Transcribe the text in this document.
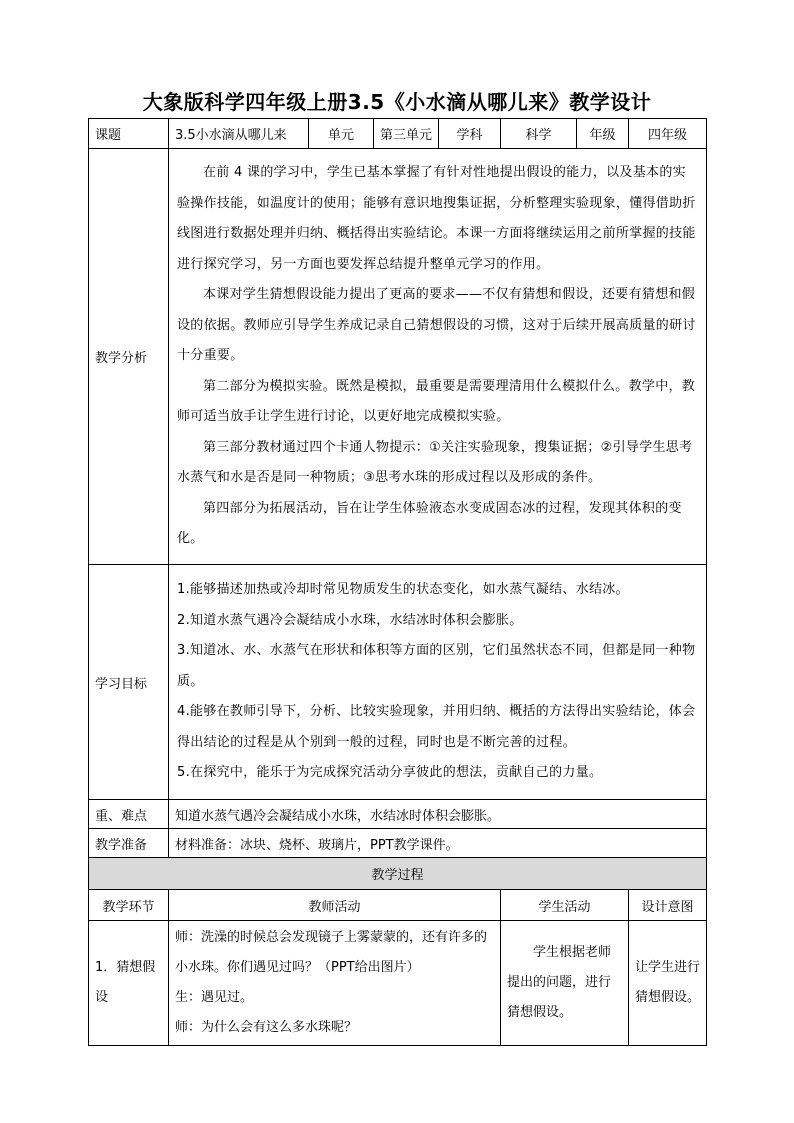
大象版科学四年级上册3.5《小水滴从哪儿来》教学设计
课题	3.5小水滴从哪儿来	单元	第三单元	学科	科学	年级	四年级
教学分析	在前 4 课的学习中，学生已基本掌握了有针对性地提出假设的能力，以及基本的实验操作技能，如温度计的使用；能够有意识地搜集证据，分析整理实验现象，懂得借助折线图进行数据处理并归纳、概括得出实验结论。本课一方面将继续运用之前所掌握的技能进行探究学习，另一方面也要发挥总结提升整单元学习的作用。

本课对学生猜想假设能力提出了更高的要求——不仅有猜想和假设，还要有猜想和假设的依据。教师应引导学生养成记录自己猜想假设的习惯，这对于后续开展高质量的研讨十分重要。

第二部分为模拟实验。既然是模拟，最重要是需要理清用什么模拟什么。教学中，教师可适当放手让学生进行讨论，以更好地完成模拟实验。

第三部分教材通过四个卡通人物提示：①关注实验现象，搜集证据；②引导学生思考水蒸气和水是否是同一种物质；③思考水珠的形成过程以及形成的条件。

第四部分为拓展活动，旨在让学生体验液态水变成固态冰的过程，发现其体积的变化。						

学习目标	1.能够描述加热或冷却时常见物质发生的状态变化，如水蒸气凝结、水结冰。

2.知道水蒸气遇冷会凝结成小水珠，水结冰时体积会膨胀。

3.知道冰、水、水蒸气在形状和体积等方面的区别，它们虽然状态不同，但都是同一种物质。

4.能够在教师引导下，分析、比较实验现象，并用归纳、概括的方法得出实验结论，体会得出结论的过程是从个别到一般的过程，同时也是不断完善的过程。

5.在探究中，能乐于为完成探究活动分享彼此的想法，贡献自己的力量。						

重、难点	知道水蒸气遇冷会凝结成小水珠，水结冰时体积会膨胀。						
教学准备	材料准备：冰块、烧杯、玻璃片，PPT教学课件。						
教学过程							
教学环节	教师活动				学生活动		设计意图
1．猜想假设	师：洗澡的时候总会发现镜子上雾蒙蒙的，还有许多的小水珠。你们遇见过吗？（PPT给出图片）

生：遇见过。

师：为什么会有这么多水珠呢？				学生根据老师提出的问题，进行猜想假设。		让学生进行猜想假设。
